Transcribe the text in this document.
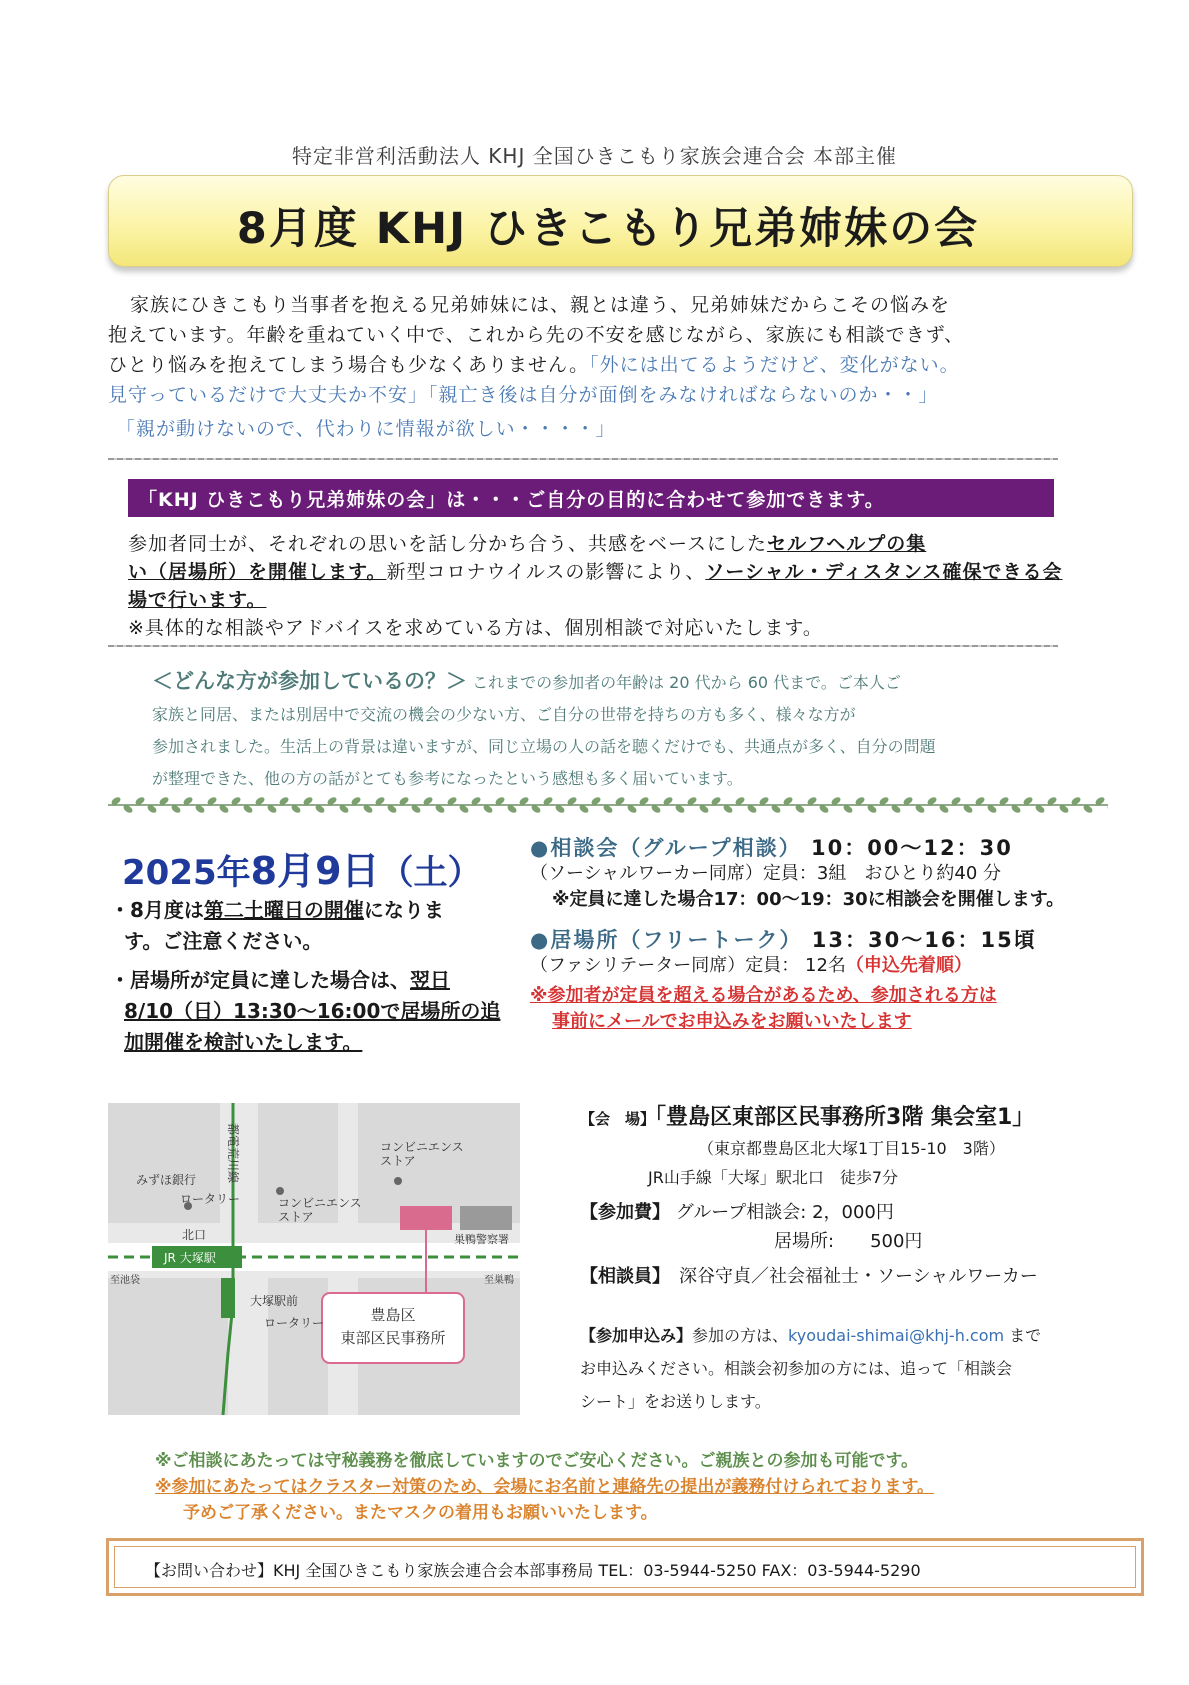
特定非営利活動法人 KHJ 全国ひきこもり家族会連合会 本部主催
8月度 KHJ ひきこもり兄弟姉妹の会

家族にひきこもり当事者を抱える兄弟姉妹には、親とは違う、兄弟姉妹だからこその悩みを

抱えています。年齢を重ねていく中で、これから先の不安を感じながら、家族にも相談できず、

ひとり悩みを抱えてしまう場合も少なくありません。「外には出てるようだけど、変化がない。

見守っているだけで大丈夫か不安」「親亡き後は自分が面倒をみなければならないのか・・」

「親が動けないので、代わりに情報が欲しい・・・・」

「KHJ ひきこもり兄弟姉妹の会」は・・・ご自分の目的に合わせて参加できます。

参加者同士が、それぞれの思いを話し分かち合う、共感をベースにしたセルフヘルプの集

い（居場所）を開催します。新型コロナウイルスの影響により、ソーシャル・ディスタンス確保できる会

場で行います。

※具体的な相談やアドバイスを求めている方は、個別相談で対応いたします。

＜どんな方が参加しているの？＞ これまでの参加者の年齢は 20 代から 60 代まで。ご本人ご

家族と同居、または別居中で交流の機会の少ない方、ご自分の世帯を持ちの方も多く、様々な方が

参加されました。生活上の背景は違いますが、同じ立場の人の話を聴くだけでも、共通点が多く、自分の問題

が整理できた、他の方の話がとても参考になったという感想も多く届いています。

2025年8月9日（土）

・8月度は第二土曜日の開催になりま

す。ご注意ください。

・居場所が定員に達した場合は、翌日

8/10（日）13:30～16:00で居場所の追

加開催を検討いたします。

●相談会（グループ相談） 10：00～12：30

（ソーシャルワーカー同席）定員：3組　おひとり約40 分

※定員に達した場合17：00～19：30に相談会を開催します。

●居場所（フリートーク） 13：30～16：15頃

（ファシリテーター同席）定員： 12名（申込先着順）

※参加者が定員を超える場合があるため、参加される方は

事前にメールでお申込みをお願いいたします

都電荒川線
みずほ銀行
ロータリー
コンビニエンス
ストア
コンビニエンス
ストア
北口
JR 大塚駅
至池袋	至巣鴨
巣鴨警察署
大塚駅前
ロータリー	豊島区
東部区民事務所

【会　場】「豊島区東部区民事務所3階 集会室1」

（東京都豊島区北大塚1丁目15-10　3階）

JR山手線「大塚」駅北口　徒歩7分

【参加費】 グループ相談会: 2，000円

居場所:　　500円

【相談員】　 深谷守貞／社会福祉士・ソーシャルワーカー

【参加申込み】参加の方は、kyoudai-shimai@khj-h.com まで

お申込みください。相談会初参加の方には、追って「相談会

シート」をお送りします。

※ご相談にあたっては守秘義務を徹底していますのでご安心ください。ご親族との参加も可能です。

※参加にあたってはクラスター対策のため、会場にお名前と連絡先の提出が義務付けられております。

予めご了承ください。またマスクの着用もお願いいたします。

【お問い合わせ】KHJ 全国ひきこもり家族会連合会本部事務局 TEL：03-5944-5250 FAX：03-5944-5290
